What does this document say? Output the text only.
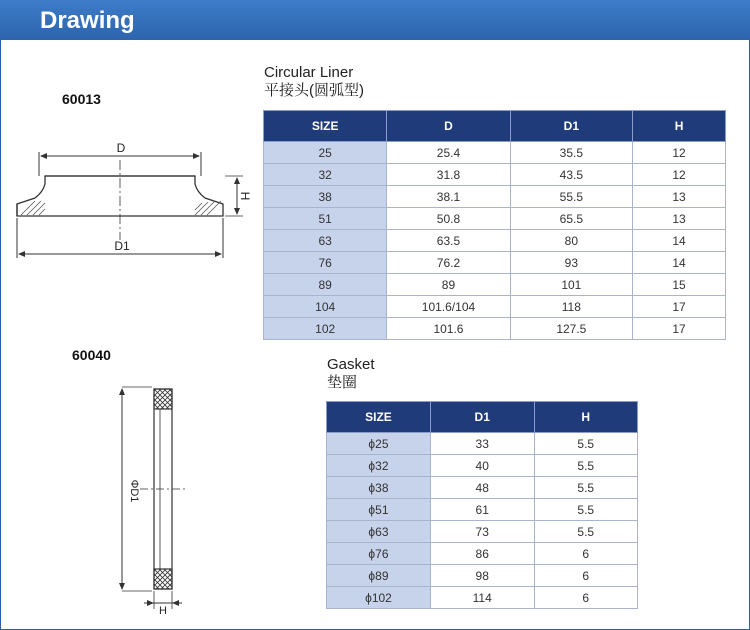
Drawing
60013
D
H
D1
Circular Liner
平接头(圆弧型)
SIZE	D	D1	H
25	25.4	35.5	12
32	31.8	43.5	12
38	38.1	55.5	13
51	50.8	65.5	13
63	63.5	80	14
76	76.2	93	14
89	89	101	15
104	101.6/104	118	17
102	101.6	127.5	17
60040
ΦD1
H
Gasket
垫圈
SIZE	D1	H
ϕ25	33	5.5
ϕ32	40	5.5
ϕ38	48	5.5
ϕ51	61	5.5
ϕ63	73	5.5
ϕ76	86	6
ϕ89	98	6
ϕ102	114	6
